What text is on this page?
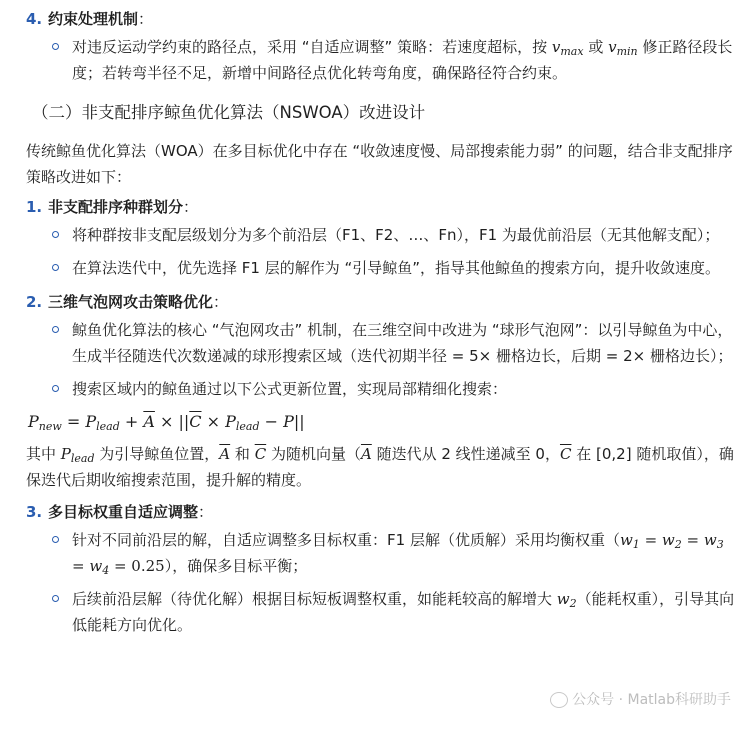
4. 约束处理机制：
对违反运动学约束的路径点，采用 “自适应调整” 策略：若速度超标，按 $v_{max}$ 或 $v_{min}$ 修正路径段长度；若转弯半径不足，新增中间路径点优化转弯角度，确保路径符合约束。
（二）非支配排序鲸鱼优化算法（NSWOA）改进设计

传统鲸鱼优化算法（WOA）在多目标优化中存在 “收敛速度慢、局部搜索能力弱” 的问题，结合非支配排序策略改进如下：

1. 非支配排序种群划分：
将种群按非支配层级划分为多个前沿层（F1、F2、…、Fn），F1 为最优前沿层（无其他解支配）；
在算法迭代中，优先选择 F1 层的解作为 “引导鲸鱼”，指导其他鲸鱼的搜索方向，提升收敛速度。
2. 三维气泡网攻击策略优化：
鲸鱼优化算法的核心 “气泡网攻击” 机制，在三维空间中改进为 “球形气泡网”：以引导鲸鱼为中心，生成半径随迭代次数递减的球形搜索区域（迭代初期半径 = 5× 栅格边长，后期 = 2× 栅格边长）；
搜索区域内的鲸鱼通过以下公式更新位置，实现局部精细化搜索：
$P_{new} = P_{lead} + \overline{A} \times ||\overline{C} \times P_{lead} - P||$

其中 $P_{lead}$ 为引导鲸鱼位置，$\overline{A}$ 和 $\overline{C}$ 为随机向量（$\overline{A}$ 随迭代从 2 线性递减至 0，$\overline{C}$ 在 [0,2] 随机取值），确保迭代后期收缩搜索范围，提升解的精度。

3. 多目标权重自适应调整：
针对不同前沿层的解，自适应调整多目标权重：F1 层解（优质解）采用均衡权重$(w_1 = w_2 = w_3 = w_4 = 0.25)$，确保多目标平衡；
后续前沿层解（待优化解）根据目标短板调整权重，如能耗较高的解增大 $w_2$（能耗权重），引导其向低能耗方向优化。
公众号 · Matlab科研助手
